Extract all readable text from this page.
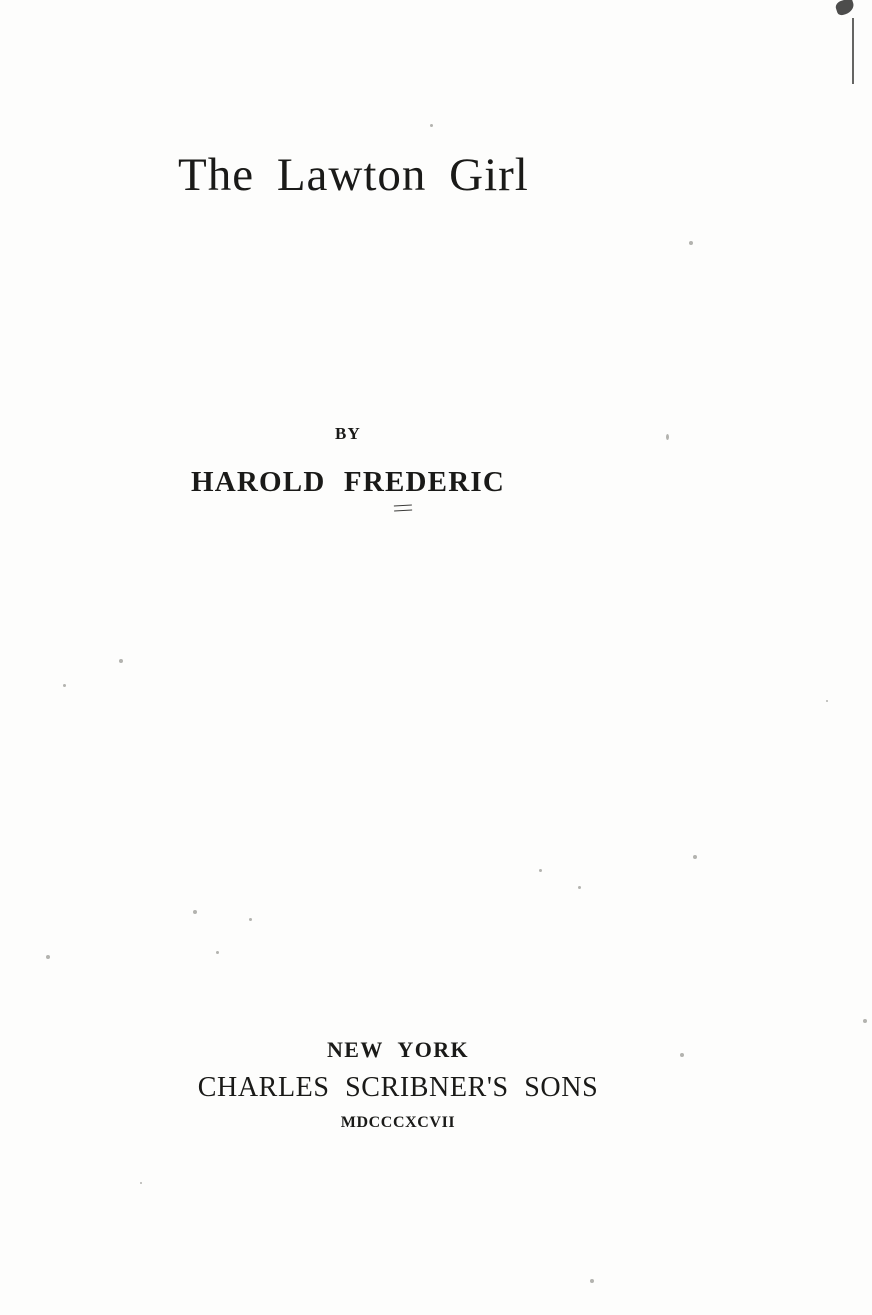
The Lawton Girl
BY
HAROLD FREDERIC
NEW YORK
CHARLES SCRIBNER'S SONS
MDCCCXCVII
